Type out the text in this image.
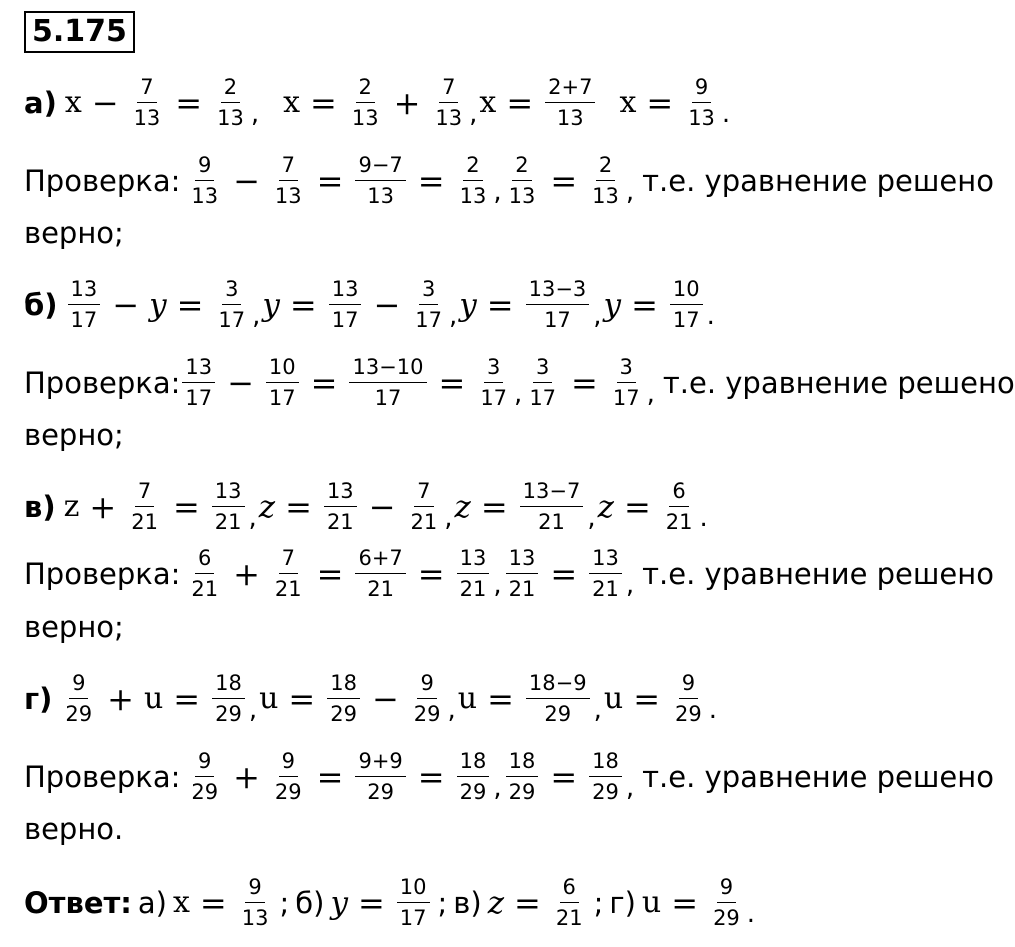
5.175
а) $x - \frac{7}{13} = \frac{2}{13}$ , $x = \frac{2}{13} + \frac{7}{13}$ , $x = \frac{2+7}{13}$ $x = \frac{9}{13}$ .
Проверка: $\frac{9}{13} - \frac{7}{13} = \frac{9-7}{13} = \frac{2}{13}$ , $\frac{2}{13} = \frac{2}{13}$ , т.е. уравнение решено
верно;
$б) \frac{13}{17} - y = \frac{3}{17}$ , $y = \frac{13}{17} - \frac{3}{17}$ , $y = \frac{13-3}{17}$ , $y = \frac{10}{17}$ .
Проверка: $\frac{13}{17} - \frac{10}{17} = \frac{13-10}{17} = \frac{3}{17}$ , $\frac{3}{17} = \frac{3}{17}$ , т.е. уравнение решено
верно;
в) $z + \frac{7}{21} = \frac{13}{21}$ , $z = \frac{13}{21} - \frac{7}{21}$ , $z = \frac{13-7}{21}$ , $z = \frac{6}{21}$ .
Проверка: $\frac{6}{21} + \frac{7}{21} = \frac{6+7}{21} = \frac{13}{21}$ , $\frac{13}{21} = \frac{13}{21}$ , т.е. уравнение решено
верно;
$г) \frac{9}{29} + u = \frac{18}{29}$ , $u = \frac{18}{29} - \frac{9}{29}$ , $u = \frac{18-9}{29}$ , $u = \frac{9}{29}$ .
Проверка: $\frac{9}{29} + \frac{9}{29} = \frac{9+9}{29} = \frac{18}{29}$ , $\frac{18}{29} = \frac{18}{29}$ , т.е. уравнение решено
верно.
Ответ: а) $x = \frac{9}{13}$ ; б) $y = \frac{10}{17}$ ; в) $z = \frac{6}{21}$ ; г) $u = \frac{9}{29}$ .
